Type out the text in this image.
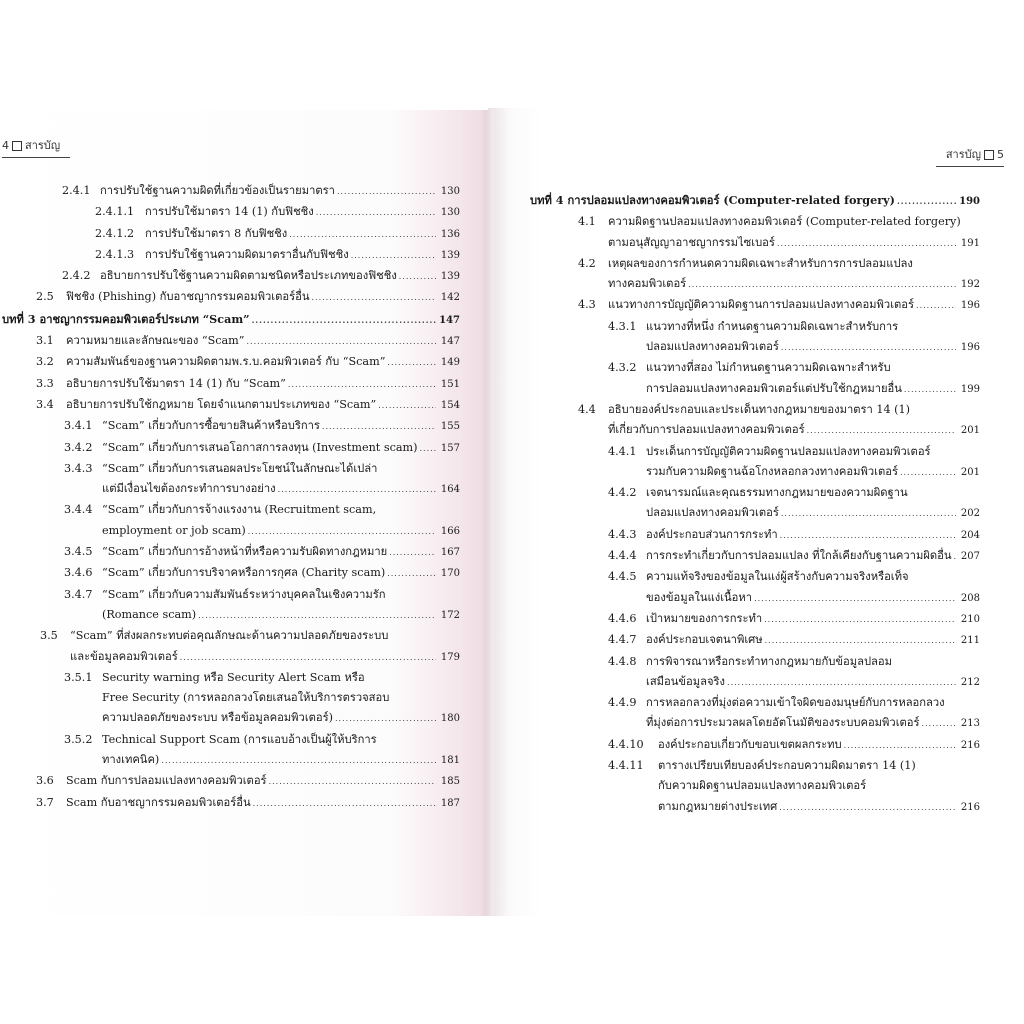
4 สารบัญ
สารบัญ 5
2.4.1 การปรับใช้ฐานความผิดที่เกี่ยวข้องเป็นรายมาตรา .....	130
2.4.1.1 การปรับใช้มาตรา 14 (1) กับฟิชชิง .....	130
2.4.1.2 การปรับใช้มาตรา 8 กับฟิชชิง .....	136
2.4.1.3 การปรับใช้ฐานความผิดมาตราอื่นกับฟิชชิง .....	139
2.4.2 อธิบายการปรับใช้ฐานความผิดตามชนิดหรือประเภทของฟิชชิง .....	139
2.5	ฟิชชิง (Phishing) กับอาชญากรรมคอมพิวเตอร์อื่น .....	142
บทที่ 3 อาชญากรรมคอมพิวเตอร์ประเภท “Scam” .....	147
3.1	ความหมายและลักษณะของ “Scam” .....	147
3.2	ความสัมพันธ์ของฐานความผิดตามพ.ร.บ.คอมพิวเตอร์ กับ “Scam” .....	149
3.3	อธิบายการปรับใช้มาตรา 14 (1) กับ “Scam” .....	151
3.4	อธิบายการปรับใช้กฎหมาย โดยจำแนกตามประเภทของ “Scam” .....	154
3.4.1 “Scam” เกี่ยวกับการซื้อขายสินค้าหรือบริการ .....	155
3.4.2 “Scam” เกี่ยวกับการเสนอโอกาสการลงทุน (Investment scam) ..... 157
3.4.3 “Scam” เกี่ยวกับการเสนอผลประโยชน์ในลักษณะได้เปล่า
แต่มีเงื่อนไขต้องกระทำการบางอย่าง .....	164
3.4.4 “Scam” เกี่ยวกับการจ้างแรงงาน (Recruitment scam,
employment or job scam) .....	166
3.4.5 “Scam” เกี่ยวกับการอ้างหน้าที่หรือความรับผิดทางกฎหมาย .....	167
3.4.6 “Scam” เกี่ยวกับการบริจาคหรือการกุศล (Charity scam) .....	170
3.4.7 “Scam” เกี่ยวกับความสัมพันธ์ระหว่างบุคคลในเชิงความรัก
(Romance scam) .....	172
3.5	“Scam” ที่ส่งผลกระทบต่อคุณลักษณะด้านความปลอดภัยของระบบ
และข้อมูลคอมพิวเตอร์ .....	179
3.5.1 Security warning หรือ Security Alert Scam หรือ
Free Security (การหลอกลวงโดยเสนอให้บริการตรวจสอบ
ความปลอดภัยของระบบ หรือข้อมูลคอมพิวเตอร์) .....	180
3.5.2 Technical Support Scam (การแอบอ้างเป็นผู้ให้บริการ
ทางเทคนิค) .....	181
3.6	Scam กับการปลอมแปลงทางคอมพิวเตอร์ .....	185
3.7	Scam กับอาชญากรรมคอมพิวเตอร์อื่น .....	187
บทที่ 4 การปลอมแปลงทางคอมพิวเตอร์ (Computer-related forgery) .....	190
4.1	ความผิดฐานปลอมแปลงทางคอมพิวเตอร์ (Computer-related forgery)
ตามอนุสัญญาอาชญากรรมไซเบอร์ .....	191
4.2	เหตุผลของการกำหนดความผิดเฉพาะสำหรับการการปลอมแปลง
ทางคอมพิวเตอร์ .....	192
4.3	แนวทางการบัญญัติความผิดฐานการปลอมแปลงทางคอมพิวเตอร์ .....	196
4.3.1 แนวทางที่หนึ่ง กำหนดฐานความผิดเฉพาะสำหรับการ
ปลอมแปลงทางคอมพิวเตอร์ .....	196
4.3.2 แนวทางที่สอง ไม่กำหนดฐานความผิดเฉพาะสำหรับ
การปลอมแปลงทางคอมพิวเตอร์แต่ปรับใช้กฎหมายอื่น .....	199
4.4	อธิบายองค์ประกอบและประเด็นทางกฎหมายของมาตรา 14 (1)
ที่เกี่ยวกับการปลอมแปลงทางคอมพิวเตอร์ .....	201
4.4.1 ประเด็นการบัญญัติความผิดฐานปลอมแปลงทางคอมพิวเตอร์
รวมกับความผิดฐานฉ้อโกงหลอกลวงทางคอมพิวเตอร์ .....	201
4.4.2 เจตนารมณ์และคุณธรรมทางกฎหมายของความผิดฐาน
ปลอมแปลงทางคอมพิวเตอร์ .....	202
4.4.3 องค์ประกอบส่วนการกระทำ .....	204
4.4.4 การกระทำเกี่ยวกับการปลอมแปลง ที่ใกล้เคียงกับฐานความผิดอื่น ..... 207
4.4.5 ความแท้จริงของข้อมูลในแง่ผู้สร้างกับความจริงหรือเท็จ
ของข้อมูลในแง่เนื้อหา .....	208
4.4.6 เป้าหมายของการกระทำ .....	210
4.4.7 องค์ประกอบเจตนาพิเศษ .....	211
4.4.8 การพิจารณาหรือกระทำทางกฎหมายกับข้อมูลปลอม
เสมือนข้อมูลจริง .....	212
4.4.9 การหลอกลวงที่มุ่งต่อความเข้าใจผิดของมนุษย์กับการหลอกลวง
ที่มุ่งต่อการประมวลผลโดยอัตโนมัติของระบบคอมพิวเตอร์ .....	213
4.4.10	องค์ประกอบเกี่ยวกับขอบเขตผลกระทบ .....	216
4.4.11	ตารางเปรียบเทียบองค์ประกอบความผิดมาตรา 14 (1)
กับความผิดฐานปลอมแปลงทางคอมพิวเตอร์
ตามกฎหมายต่างประเทศ .....	216
